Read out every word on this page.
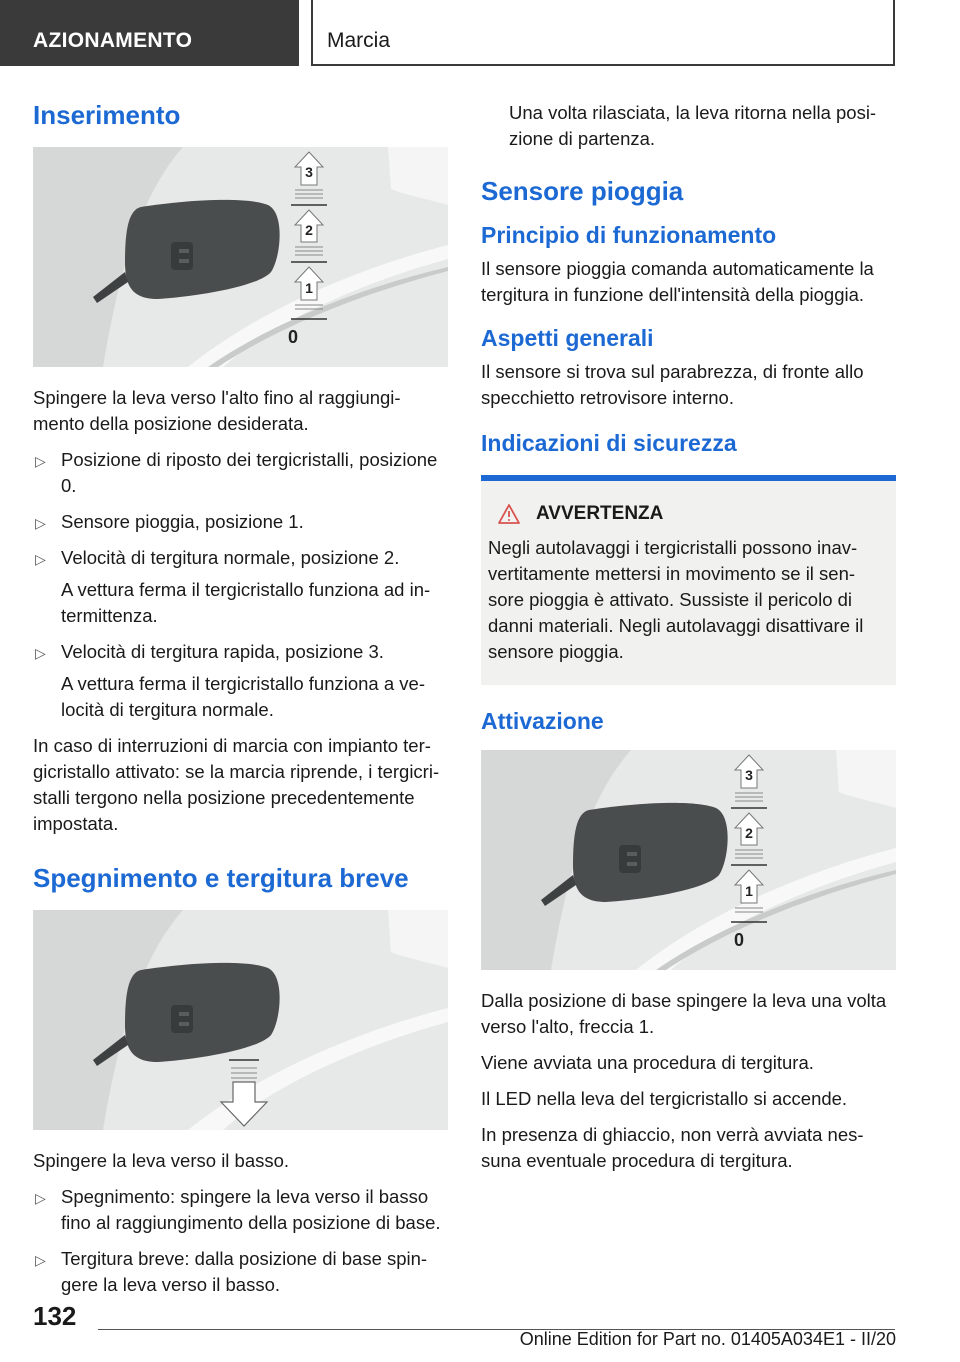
AZIONAMENTO	Marcia
Inserimento
3
2
1
0

Spingere la leva verso l'alto fino al raggiungi-mento della posizione desiderata.

▷ Posizione di riposto dei tergicristalli, posizione 0.
▷ Sensore pioggia, posizione 1.
▷ Velocità di tergitura normale, posizione 2.

A vettura ferma il tergicristallo funziona ad in-termittenza.

▷ Velocità di tergitura rapida, posizione 3.

A vettura ferma il tergicristallo funziona a ve-locità di tergitura normale.

In caso di interruzioni di marcia con impianto ter-gicristallo attivato: se la marcia riprende, i tergicri-stalli tergono nella posizione precedentemente impostata.

Spegnimento e tergitura breve

Spingere la leva verso il basso.

▷ Spegnimento: spingere la leva verso il basso fino al raggiungimento della posizione di base.
▷ Tergitura breve: dalla posizione di base spin-gere la leva verso il basso.

Una volta rilasciata, la leva ritorna nella posi-zione di partenza.

Sensore pioggia
Principio di funzionamento

Il sensore pioggia comanda automaticamente la tergitura in funzione dell'intensità della pioggia.

Aspetti generali

Il sensore si trova sul parabrezza, di fronte allo specchietto retrovisore interno.

Indicazioni di sicurezza
AVVERTENZA

Negli autolavaggi i tergicristalli possono inav-vertitamente mettersi in movimento se il sen-sore pioggia è attivato. Sussiste il pericolo di danni materiali. Negli autolavaggi disattivare il sensore pioggia.

Attivazione
3
2
1
0

Dalla posizione di base spingere la leva una volta verso l'alto, freccia 1.

Viene avviata una procedura di tergitura.

Il LED nella leva del tergicristallo si accende.

In presenza di ghiaccio, non verrà avviata nes-suna eventuale procedura di tergitura.

132
Online Edition for Part no. 01405A034E1 - II/20
